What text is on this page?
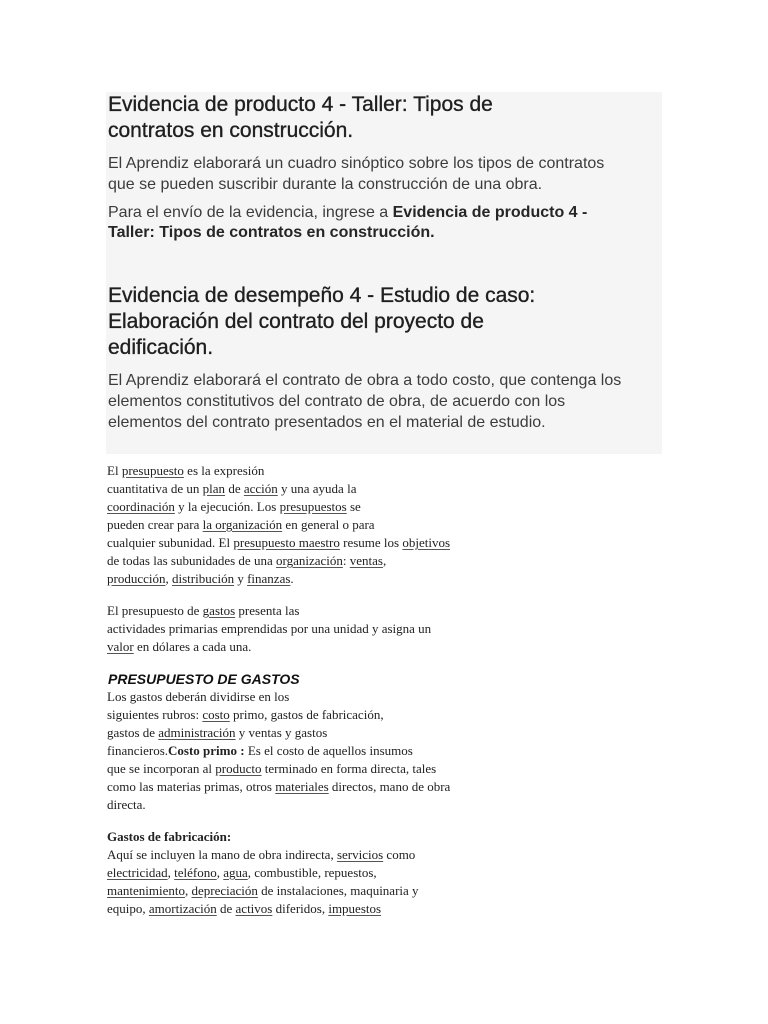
Evidencia de producto 4 - Taller: Tipos de
contratos en construcción.

El Aprendiz elaborará un cuadro sinóptico sobre los tipos de contratos
que se pueden suscribir durante la construcción de una obra.

Para el envío de la evidencia, ingrese a Evidencia de producto 4 -
Taller: Tipos de contratos en construcción.

Evidencia de desempeño 4 - Estudio de caso:
Elaboración del contrato del proyecto de
edificación.

El Aprendiz elaborará el contrato de obra a todo costo, que contenga los
elementos constitutivos del contrato de obra, de acuerdo con los
elementos del contrato presentados en el material de estudio.

El presupuesto es la expresión
cuantitativa de un plan de acción y una ayuda la
coordinación y la ejecución. Los presupuestos se
pueden crear para la organización en general o para
cualquier subunidad. El presupuesto maestro resume los objetivos
de todas las subunidades de una organización: ventas,
producción, distribución y finanzas.
El presupuesto de gastos presenta las
actividades primarias emprendidas por una unidad y asigna un
valor en dólares a cada una.

PRESUPUESTO DE GASTOS

Los gastos deberán dividirse en los
siguientes rubros: costo primo, gastos de fabricación,
gastos de administración y ventas y gastos
financieros.Costo primo : Es el costo de aquellos insumos
que se incorporan al producto terminado en forma directa, tales
como las materias primas, otros materiales directos, mano de obra
directa.
Gastos de fabricación:
Aquí se incluyen la mano de obra indirecta, servicios como
electricidad, teléfono, agua, combustible, repuestos,
mantenimiento, depreciación de instalaciones, maquinaria y
equipo, amortización de activos diferidos, impuestos
